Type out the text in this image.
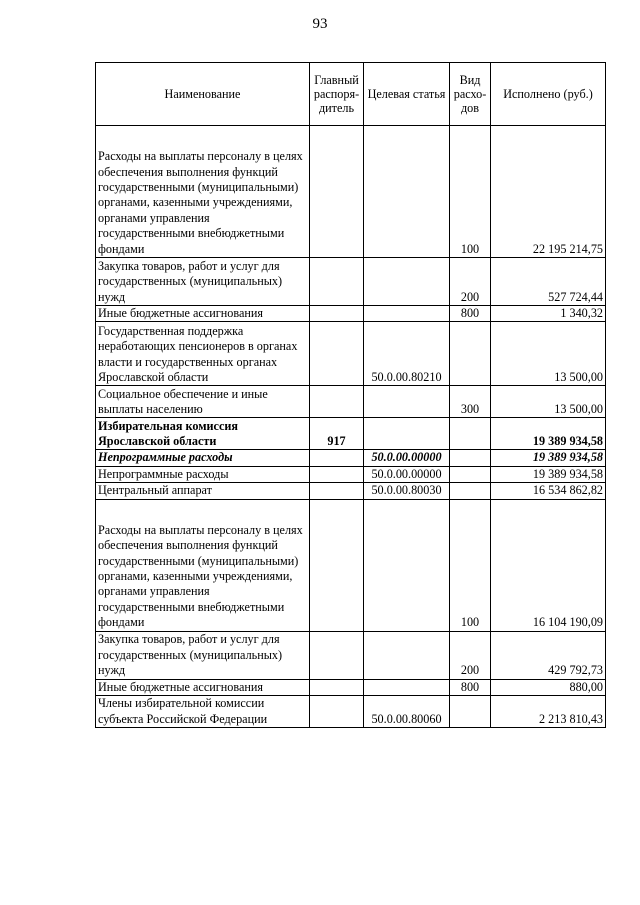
93
Наименование	Главный распоря- дитель	Целевая статья	Вид расхо- дов	Исполнено (руб.)
Расходы на выплаты персоналу в целях обеспечения выполнения функций государственными (муниципальными) органами, казенными учреждениями, органами управления государственными внебюджетными фондами			100	22 195 214,75
Закупка товаров, работ и услуг для государственных (муниципальных) нужд			200	527 724,44
Иные бюджетные ассигнования			800	1 340,32
Государственная поддержка неработающих пенсионеров в органах власти и государственных органах Ярославской области		50.0.00.80210		13 500,00
Социальное обеспечение и иные выплаты населению			300	13 500,00
Избирательная комиссия Ярославской области	917			19 389 934,58
Непрограммные расходы		50.0.00.00000		19 389 934,58
Непрограммные расходы		50.0.00.00000		19 389 934,58
Центральный аппарат		50.0.00.80030		16 534 862,82
Расходы на выплаты персоналу в целях обеспечения выполнения функций государственными (муниципальными) органами, казенными учреждениями, органами управления государственными внебюджетными фондами			100	16 104 190,09
Закупка товаров, работ и услуг для государственных (муниципальных) нужд			200	429 792,73
Иные бюджетные ассигнования			800	880,00
Члены избирательной комиссии субъекта Российской Федерации		50.0.00.80060		2 213 810,43
